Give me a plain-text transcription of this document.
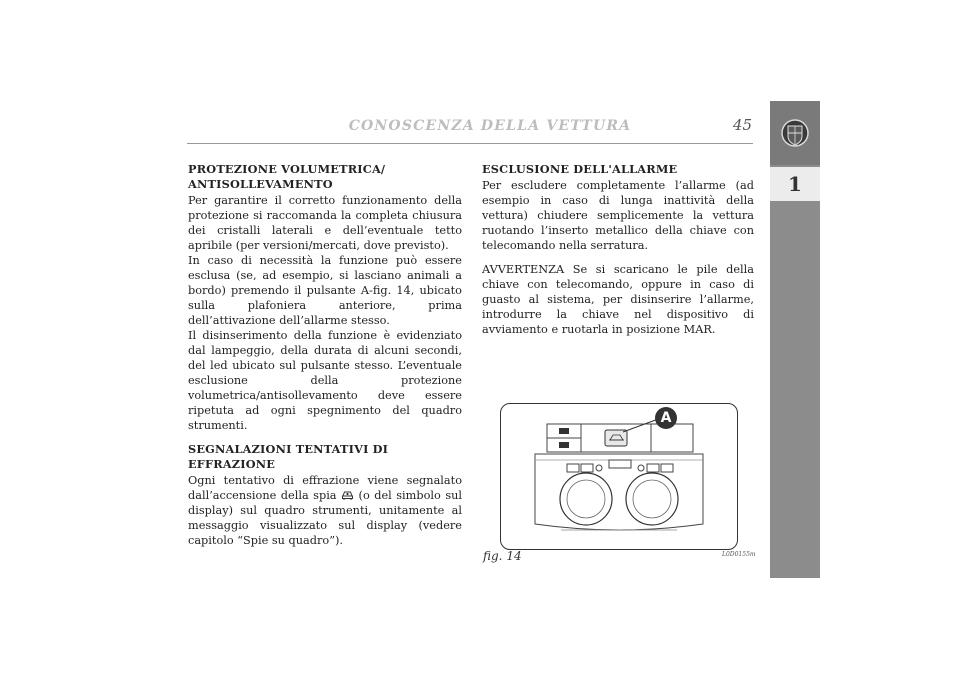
CONOSCENZA DELLA VETTURA	45
1
PROTEZIONE VOLUMETRICA/
ANTISOLLEVAMENTO

Per garantire il corretto funzionamento della protezione si raccomanda la completa chiusura dei cristalli laterali e dell’eventuale tetto apribile (per versioni/mercati, dove previsto).

In caso di necessità la funzione può essere esclusa (se, ad esempio, si lasciano animali a bordo) premendo il pulsante A-fig. 14, ubicato sulla plafoniera anteriore, prima dell’attivazione dell’allarme stesso.

Il disinserimento della funzione è evidenziato dal lampeggio, della durata di alcuni secondi, del led ubicato sul pulsante stesso. L’eventuale esclusione della protezione volumetrica/antisollevamento deve essere ripetuta ad ogni spegnimento del quadro strumenti.

SEGNALAZIONI TENTATIVI DI EFFRAZIONE

Ogni tentativo di effrazione viene segnalato dall’accensione della spia (o del simbolo sul display) sul quadro strumenti, unitamente al messaggio visualizzato sul display (vedere capitolo “Spie su quadro”).

ESCLUSIONE DELL'ALLARME

Per escludere completamente l’allarme (ad esempio in caso di lunga inattività della vettura) chiudere semplicemente la vettura ruotando l’inserto metallico della chiave con telecomando nella serratura.

AVVERTENZA Se si scaricano le pile della chiave con telecomando, oppure in caso di guasto al sistema, per disinserire l’allarme, introdurre la chiave nel dispositivo di avviamento e ruotarla in posizione MAR.

A
fig. 14	L0D0155m
